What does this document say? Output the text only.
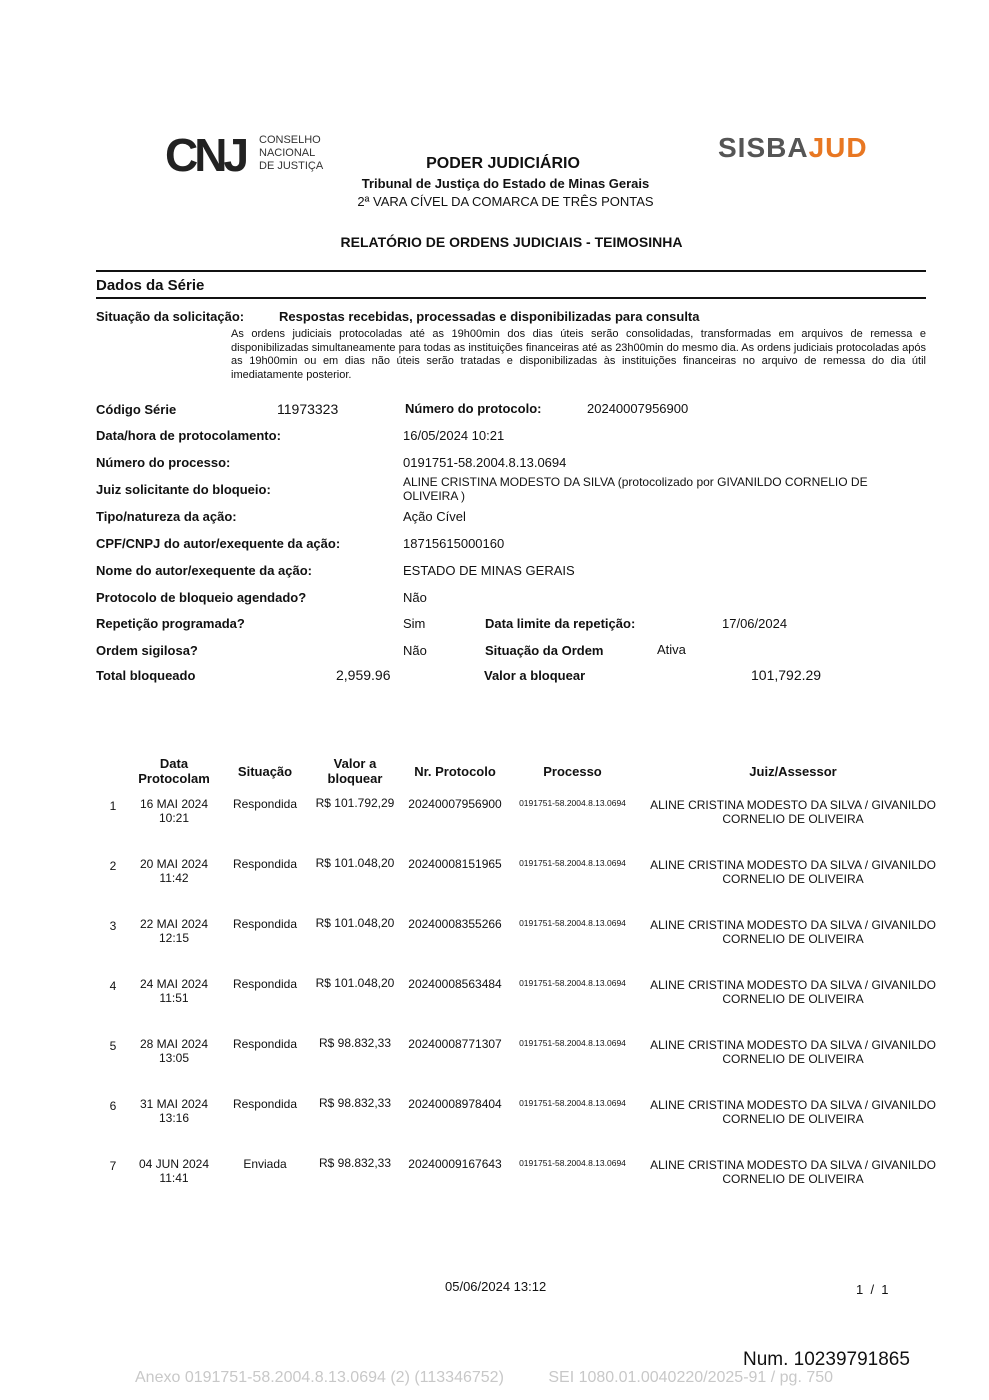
CNJ CONSELHO
NACIONAL
DE JUSTIÇA
SISBAJUD
PODER JUDICIÁRIO
Tribunal de Justiça do Estado de Minas Gerais
2ª VARA CÍVEL DA COMARCA DE TRÊS PONTAS
RELATÓRIO DE ORDENS JUDICIAIS - TEIMOSINHA
Dados da Série
Situação da solicitação:	Respostas recebidas, processadas e disponibilizadas para consulta
As ordens judiciais protocoladas até as 19h00min dos dias úteis serão consolidadas, transformadas em arquivos de remessa e disponibilizadas simultaneamente para todas as instituições financeiras até as 23h00min do mesmo dia. As ordens judiciais protocoladas após as 19h00min ou em dias não úteis serão tratadas e disponibilizadas às instituições financeiras no arquivo de remessa do dia útil imediatamente posterior.
Código Série	11973323	Número do protocolo:	20240007956900
Data/hora de protocolamento:	16/05/2024 10:21
Número do processo:	0191751-58.2004.8.13.0694
Juiz solicitante do bloqueio:	ALINE CRISTINA MODESTO DA SILVA (protocolizado por GIVANILDO CORNELIO DE
OLIVEIRA )
Tipo/natureza da ação:	Ação Cível
CPF/CNPJ do autor/exequente da ação:	18715615000160
Nome do autor/exequente da ação:	ESTADO DE MINAS GERAIS
Protocolo de bloqueio agendado?	Não
Repetição programada?	Sim	Data limite da repetição:	17/06/2024
Ordem sigilosa?	Não	Situação da Ordem	Ativa
Total bloqueado	2,959.96	Valor a bloquear	101,792.29
Data
Protocolam	Situação
Valor a
bloquear	Nr. Protocolo	Processo	Juiz/Assessor
1	16 MAI 2024
10:21
Respondida	R$ 101.792,29	20240007956900	0191751-58.2004.8.13.0694	ALINE CRISTINA MODESTO DA SILVA / GIVANILDO
CORNELIO DE OLIVEIRA
2	20 MAI 2024
11:42
Respondida	R$ 101.048,20	20240008151965	0191751-58.2004.8.13.0694	ALINE CRISTINA MODESTO DA SILVA / GIVANILDO
CORNELIO DE OLIVEIRA
3	22 MAI 2024
12:15
Respondida	R$ 101.048,20	20240008355266	0191751-58.2004.8.13.0694	ALINE CRISTINA MODESTO DA SILVA / GIVANILDO
CORNELIO DE OLIVEIRA
4	24 MAI 2024
11:51
Respondida	R$ 101.048,20	20240008563484	0191751-58.2004.8.13.0694	ALINE CRISTINA MODESTO DA SILVA / GIVANILDO
CORNELIO DE OLIVEIRA
5	28 MAI 2024
13:05
Respondida	R$ 98.832,33	20240008771307	0191751-58.2004.8.13.0694	ALINE CRISTINA MODESTO DA SILVA / GIVANILDO
CORNELIO DE OLIVEIRA
6	31 MAI 2024
13:16
Respondida	R$ 98.832,33	20240008978404	0191751-58.2004.8.13.0694	ALINE CRISTINA MODESTO DA SILVA / GIVANILDO
CORNELIO DE OLIVEIRA
7	04 JUN 2024
11:41
Enviada	R$ 98.832,33	20240009167643	0191751-58.2004.8.13.0694	ALINE CRISTINA MODESTO DA SILVA / GIVANILDO
CORNELIO DE OLIVEIRA
05/06/2024 13:12	1  /  1
Num. 10239791865
Anexo 0191751-58.2004.8.13.0694 (2) (113346752)          SEI 1080.01.0040220/2025-91 / pg. 750
